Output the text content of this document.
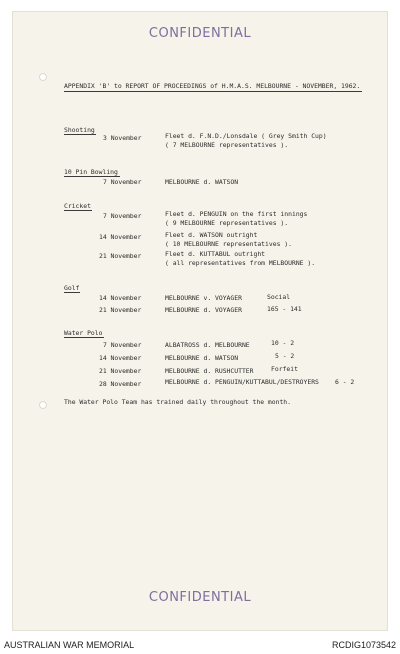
CONFIDENTIAL
APPENDIX 'B' to REPORT OF PROCEEDINGS of H.M.A.S. MELBOURNE - NOVEMBER, 1962.
Shooting
3 November	Fleet d. F.N.D./Lonsdale ( Grey Smith Cup)
( 7 MELBOURNE representatives ).
10 Pin Bowling
7 November	MELBOURNE d. WATSON
Cricket
7 November	Fleet d. PENGUIN on the first innings
( 9 MELBOURNE representatives ).
14 November	Fleet d. WATSON outright
( 10 MELBOURNE representatives ).
21 November	Fleet d. KUTTABUL outright
( all representatives from MELBOURNE ).
Golf
14 November	MELBOURNE v. VOYAGER	Social
21 November	MELBOURNE d. VOYAGER	165 - 141
Water Polo
7 November	ALBATROSS d. MELBOURNE	10 - 2
14 November	MELBOURNE d. WATSON	5 - 2
21 November	MELBOURNE d. RUSHCUTTER	Forfeit
28 November	MELBOURNE d. PENGUIN/KUTTABUL/DESTROYERS	6 - 2
The Water Polo Team has trained daily throughout the month.
CONFIDENTIAL
AUSTRALIAN WAR MEMORIAL	RCDIG1073542
